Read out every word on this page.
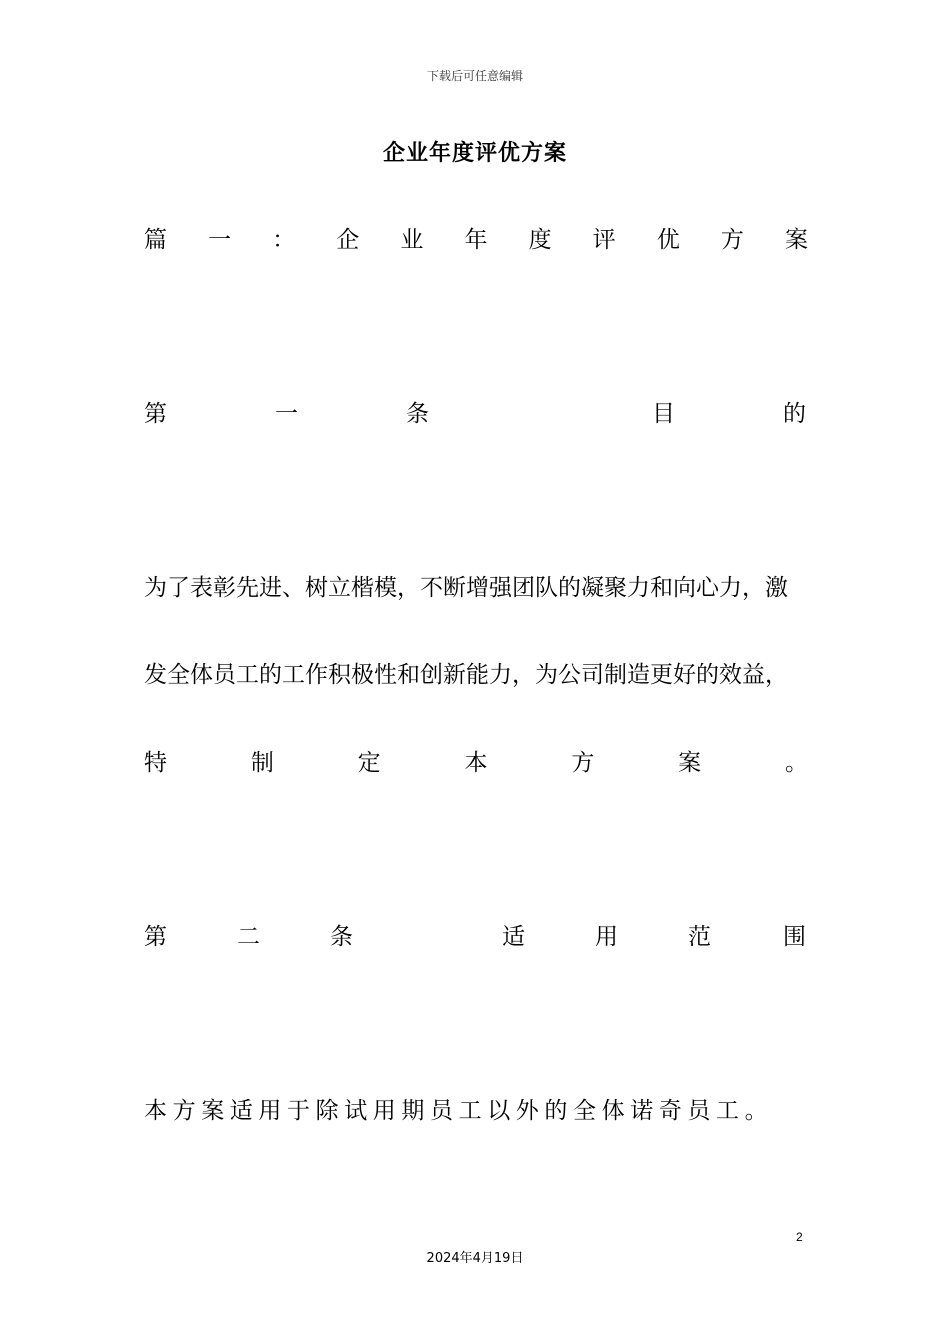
下载后可任意编辑
企业年度评优方案
篇 一 ： 企 业 年 度 评 优 方 案
第	一	条	目	的
为了表彰先进、树立楷模，不断增强团队的凝聚力和向心力，激
发全体员工的工作积极性和创新能力，为公司制造更好的效益，
特	制	定	本	方	案	。
第	二	条	适	用	范	围
本方案适用于除试用期员工以外的全体诺奇员工。
2
2024年4月19日
